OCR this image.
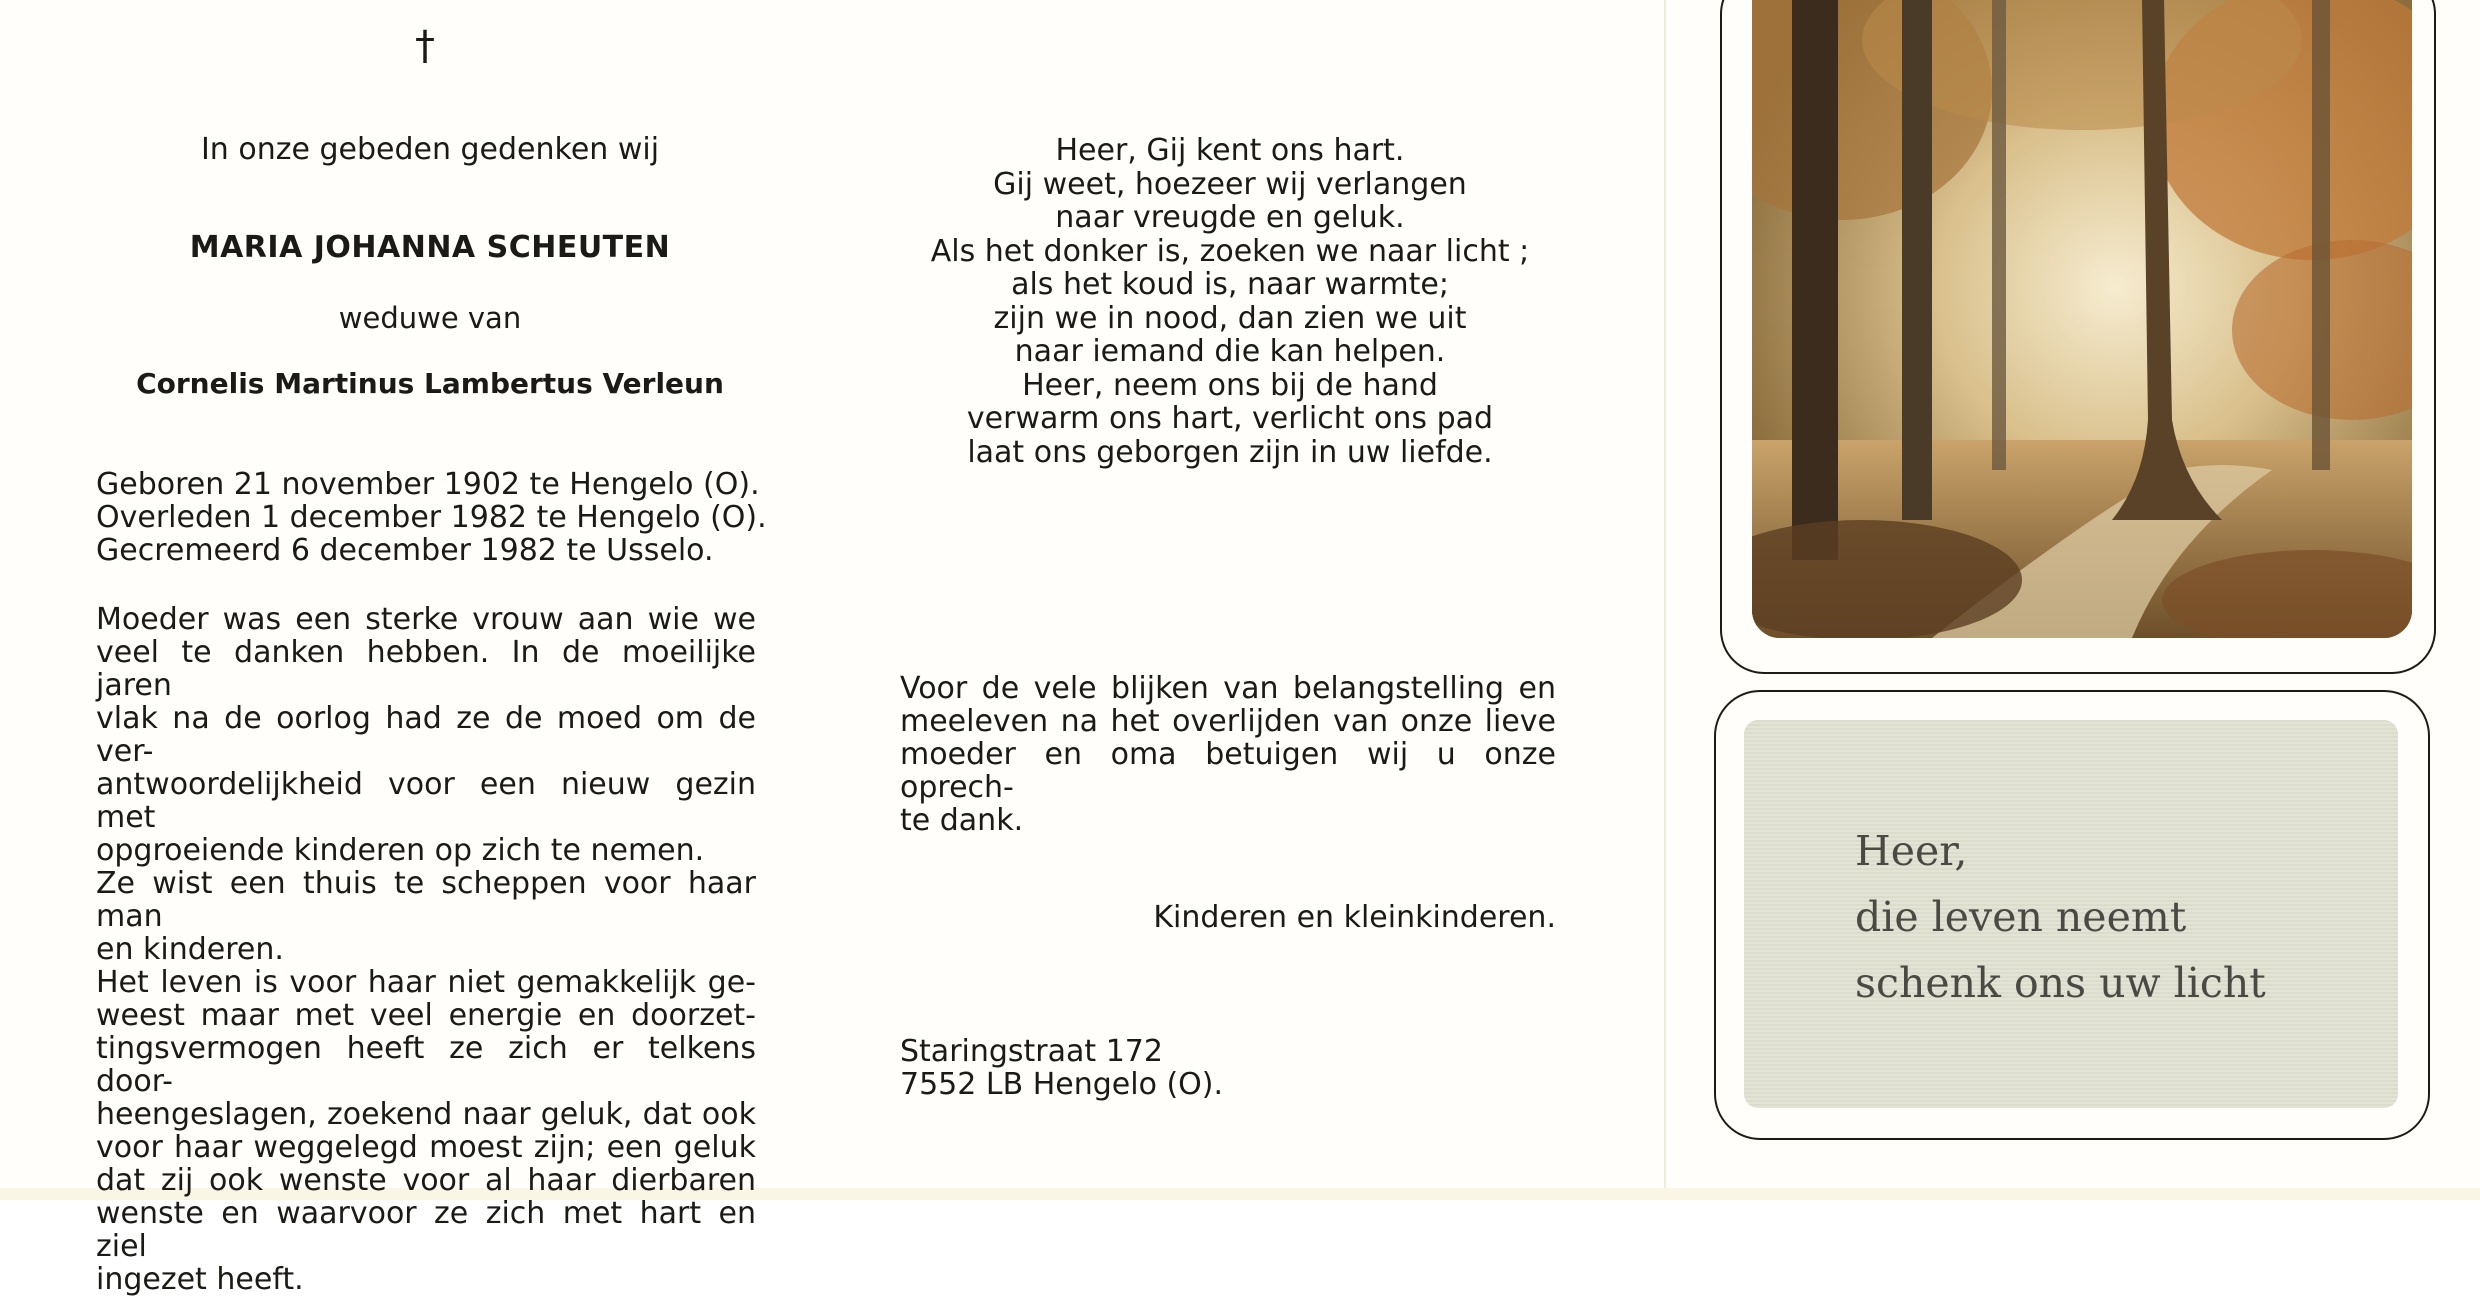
†
In onze gebeden gedenken wij
MARIA JOHANNA SCHEUTEN
weduwe van
Cornelis Martinus Lambertus Verleun
Geboren 21 november 1902 te Hengelo (O).
Overleden 1 december 1982 te Hengelo (O).
Gecremeerd 6 december 1982 te Usselo.
Moeder was een sterke vrouw aan wie we
veel te danken hebben. In de moeilijke jaren
vlak na de oorlog had ze de moed om de ver-
antwoordelijkheid voor een nieuw gezin met
opgroeiende kinderen op zich te nemen.
Ze wist een thuis te scheppen voor haar man
en kinderen.
Het leven is voor haar niet gemakkelijk ge-
weest maar met veel energie en doorzet-
tingsvermogen heeft ze zich er telkens door-
heengeslagen, zoekend naar geluk, dat ook
voor haar weggelegd moest zijn; een geluk
dat zij ook wenste voor al haar dierbaren
wenste en waarvoor ze zich met hart en ziel
ingezet heeft.
Heer, Gij kent ons hart.
Gij weet, hoezeer wij verlangen
naar vreugde en geluk.
Als het donker is, zoeken we naar licht ;
als het koud is, naar warmte;
zijn we in nood, dan zien we uit
naar iemand die kan helpen.
Heer, neem ons bij de hand
verwarm ons hart, verlicht ons pad
laat ons geborgen zijn in uw liefde.
Voor de vele blijken van belangstelling en
meeleven na het overlijden van onze lieve
moeder en oma betuigen wij u onze oprech-
te dank.
Kinderen en kleinkinderen.
Staringstraat 172
7552 LB Hengelo (O).
Heer,
die leven neemt
schenk ons uw licht
